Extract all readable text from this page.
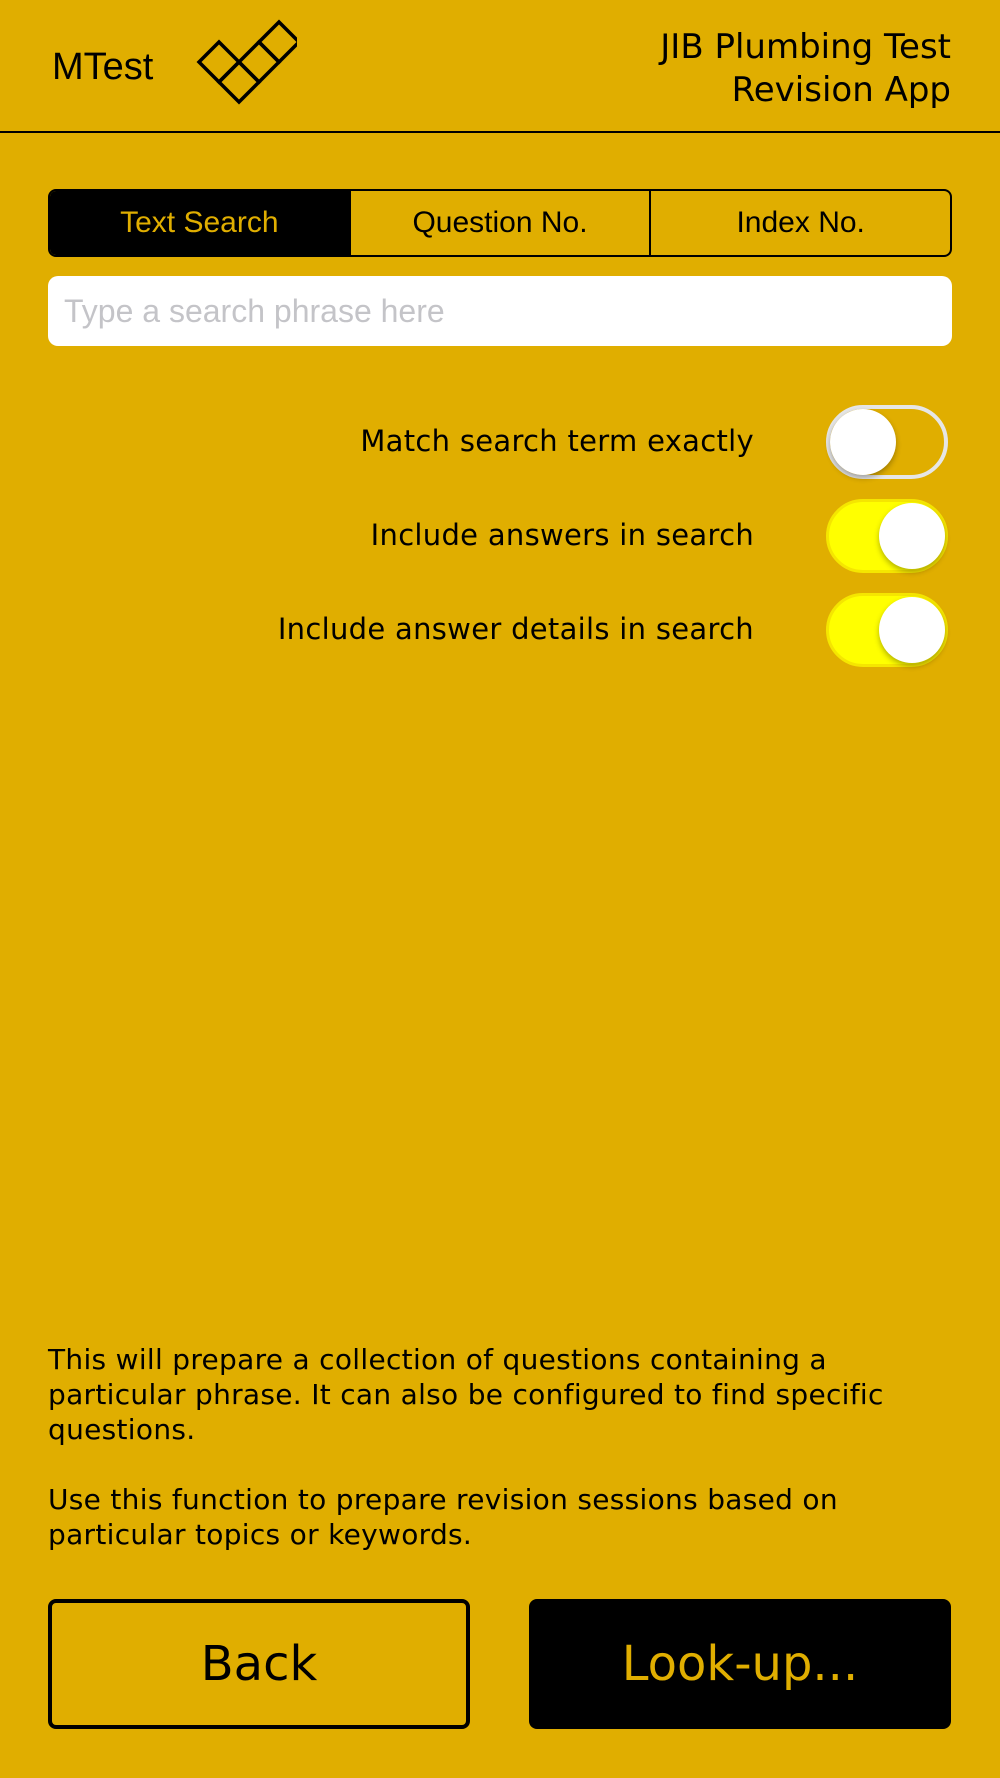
MTest	JIB Plumbing Test
Revision App
Text Search	Question No.	Index No.
Type a search phrase here
Match search term exactly
Include answers in search
Include answer details in search

This will prepare a collection of questions containing a particular phrase. It can also be configured to find specific questions.

Use this function to prepare revision sessions based on particular topics or keywords.

Back	Look-up...
